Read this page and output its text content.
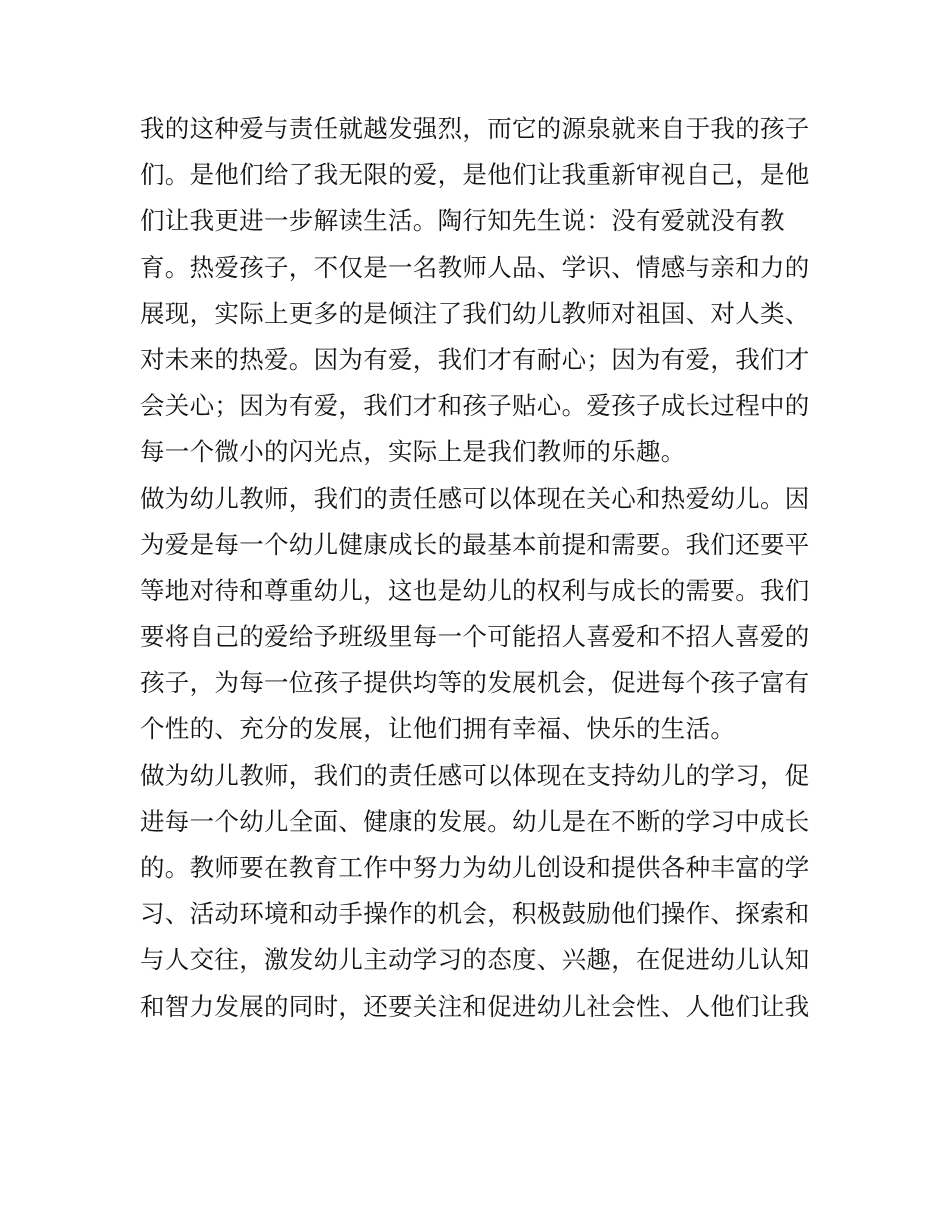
我的这种爱与责任就越发强烈，而它的源泉就来自于我的孩子
们。是他们给了我无限的爱，是他们让我重新审视自己，是他
们让我更进一步解读生活。陶行知先生说：没有爱就没有教
育。热爱孩子，不仅是一名教师人品、学识、情感与亲和力的
展现，实际上更多的是倾注了我们幼儿教师对祖国、对人类、
对未来的热爱。因为有爱，我们才有耐心；因为有爱，我们才
会关心；因为有爱，我们才和孩子贴心。爱孩子成长过程中的
每一个微小的闪光点，实际上是我们教师的乐趣。
做为幼儿教师，我们的责任感可以体现在关心和热爱幼儿。因
为爱是每一个幼儿健康成长的最基本前提和需要。我们还要平
等地对待和尊重幼儿，这也是幼儿的权利与成长的需要。我们
要将自己的爱给予班级里每一个可能招人喜爱和不招人喜爱的
孩子，为每一位孩子提供均等的发展机会，促进每个孩子富有
个性的、充分的发展，让他们拥有幸福、快乐的生活。
做为幼儿教师，我们的责任感可以体现在支持幼儿的学习，促
进每一个幼儿全面、健康的发展。幼儿是在不断的学习中成长
的。教师要在教育工作中努力为幼儿创设和提供各种丰富的学
习、活动环境和动手操作的机会，积极鼓励他们操作、探索和
与人交往，激发幼儿主动学习的态度、兴趣，在促进幼儿认知
和智力发展的同时，还要关注和促进幼儿社会性、人他们让我
